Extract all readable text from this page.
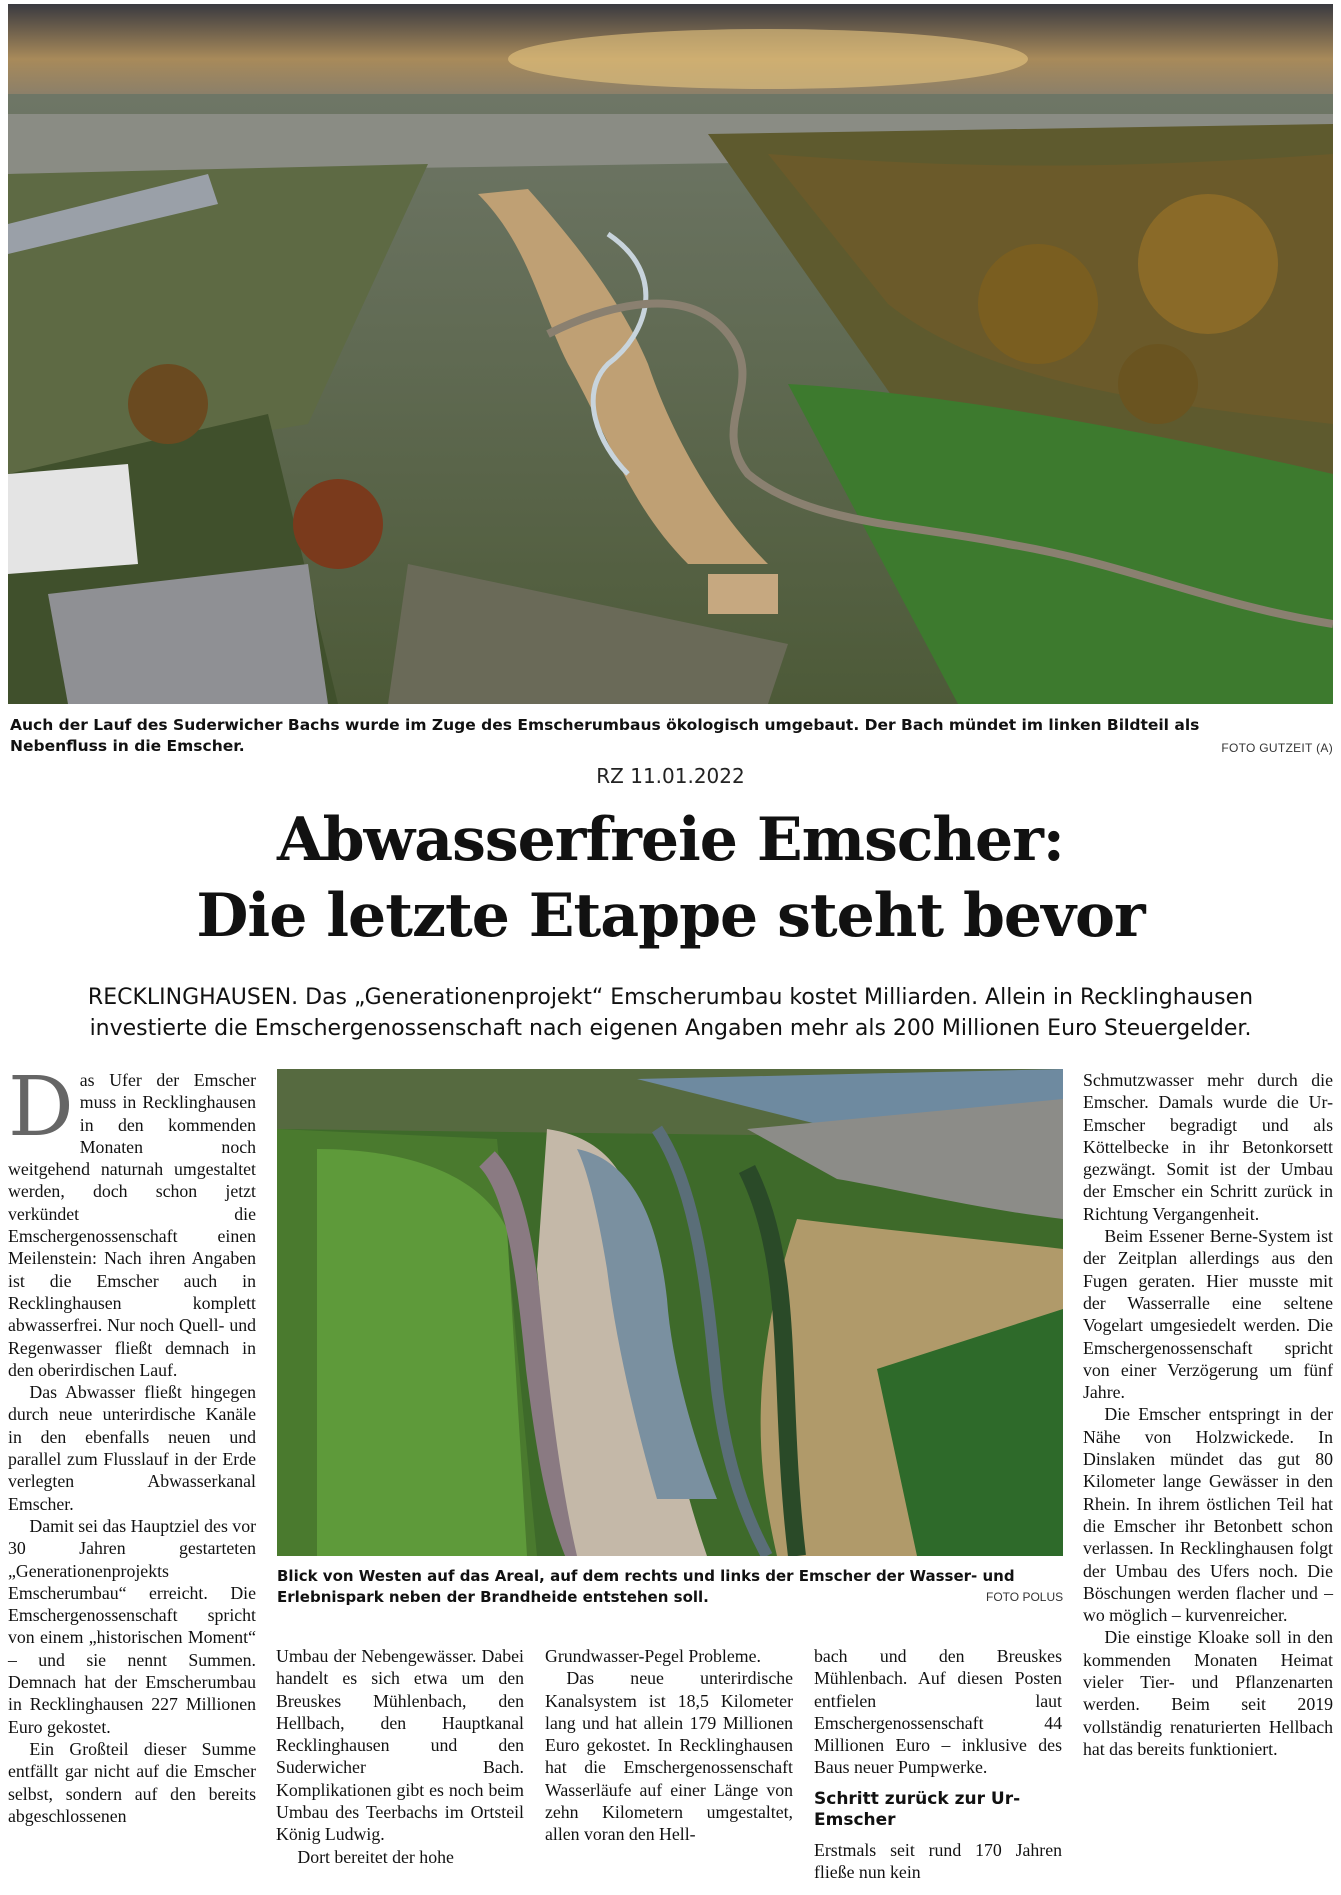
Auch der Lauf des Suderwicher Bachs wurde im Zuge des Emscherumbaus ökologisch umgebaut. Der Bach mündet im linken Bildteil als Nebenfluss in die Emscher.	FOTO GUTZEIT (A)
RZ 11.01.2022
Abwasserfreie Emscher:
Die letzte Etappe steht bevor

RECKLINGHAUSEN. Das „Generationenprojekt“ Emscherumbau kostet Milliarden. Allein in Recklinghausen investierte die Emschergenossenschaft nach eigenen Angaben mehr als 200 Millionen Euro Steuergelder.

D as Ufer der Emscher muss in Recklinghausen in den kommenden Monaten noch weitgehend naturnah umgestaltet werden, doch schon jetzt verkündet die Emschergenossenschaft einen Meilenstein: Nach ihren Angaben ist die Emscher auch in Recklinghausen komplett abwasserfrei. Nur noch Quell- und Regenwasser fließt demnach in den oberirdischen Lauf.

Das Abwasser fließt hingegen durch neue unterirdische Kanäle in den ebenfalls neuen und parallel zum Flusslauf in der Erde verlegten Abwasserkanal Emscher.

Damit sei das Hauptziel des vor 30 Jahren gestarteten „Generationenprojekts Emscherumbau“ erreicht. Die Emschergenossenschaft spricht von einem „historischen Moment“ – und sie nennt Summen. Demnach hat der Emscherumbau in Recklinghausen 227 Millionen Euro gekostet.

Ein Großteil dieser Summe entfällt gar nicht auf die Emscher selbst, sondern auf den bereits abgeschlossenen

Blick von Westen auf das Areal, auf dem rechts und links der Emscher der Wasser- und Erlebnispark neben der Brandheide entstehen soll.	FOTO POLUS

Umbau der Nebengewässer. Dabei handelt es sich etwa um den Breuskes Mühlenbach, den Hellbach, den Hauptkanal Recklinghausen und den Suderwicher Bach. Komplikationen gibt es noch beim Umbau des Teerbachs im Ortsteil König Ludwig.

Dort bereitet der hohe

Grundwasser-Pegel Probleme.

Das neue unterirdische Kanalsystem ist 18,5 Kilometer lang und hat allein 179 Millionen Euro gekostet. In Recklinghausen hat die Emschergenossenschaft Wasserläufe auf einer Länge von zehn Kilometern umgestaltet, allen voran den Hell-

bach und den Breuskes Mühlenbach. Auf diesen Posten entfielen laut Emschergenossenschaft 44 Millionen Euro – inklusive des Baus neuer Pumpwerke.

Schritt zurück zur Ur-Emscher

Erstmals seit rund 170 Jahren fließe nun kein

Schmutzwasser mehr durch die Emscher. Damals wurde die Ur-Emscher begradigt und als Köttelbecke in ihr Betonkorsett gezwängt. Somit ist der Umbau der Emscher ein Schritt zurück in Richtung Vergangenheit.

Beim Essener Berne-System ist der Zeitplan allerdings aus den Fugen geraten. Hier musste mit der Wasserralle eine seltene Vogelart umgesiedelt werden. Die Emschergenossenschaft spricht von einer Verzögerung um fünf Jahre.

Die Emscher entspringt in der Nähe von Holzwickede. In Dinslaken mündet das gut 80 Kilometer lange Gewässer in den Rhein. In ihrem östlichen Teil hat die Emscher ihr Betonbett schon verlassen. In Recklinghausen folgt der Umbau des Ufers noch. Die Böschungen werden flacher und – wo möglich – kurvenreicher.

Die einstige Kloake soll in den kommenden Monaten Heimat vieler Tier- und Pflanzenarten werden. Beim seit 2019 vollständig renaturierten Hellbach hat das bereits funktioniert.
